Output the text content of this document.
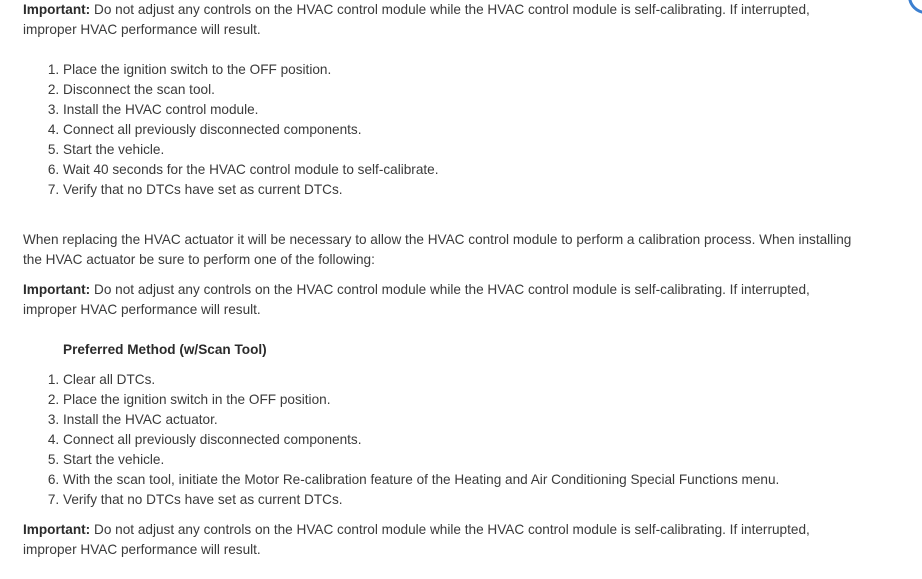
Important: Do not adjust any controls on the HVAC control module while the HVAC control module is self-calibrating. If interrupted, improper HVAC performance will result.

1. Place the ignition switch to the OFF position.
2. Disconnect the scan tool.
3. Install the HVAC control module.
4. Connect all previously disconnected components.
5. Start the vehicle.
6. Wait 40 seconds for the HVAC control module to self-calibrate.
7. Verify that no DTCs have set as current DTCs.

When replacing the HVAC actuator it will be necessary to allow the HVAC control module to perform a calibration process. When installing the HVAC actuator be sure to perform one of the following:

Important: Do not adjust any controls on the HVAC control module while the HVAC control module is self-calibrating. If interrupted, improper HVAC performance will result.

Preferred Method (w/Scan Tool)

1. Clear all DTCs.
2. Place the ignition switch in the OFF position.
3. Install the HVAC actuator.
4. Connect all previously disconnected components.
5. Start the vehicle.
6. With the scan tool, initiate the Motor Re-calibration feature of the Heating and Air Conditioning Special Functions menu.
7. Verify that no DTCs have set as current DTCs.

Important: Do not adjust any controls on the HVAC control module while the HVAC control module is self-calibrating. If interrupted, improper HVAC performance will result.
